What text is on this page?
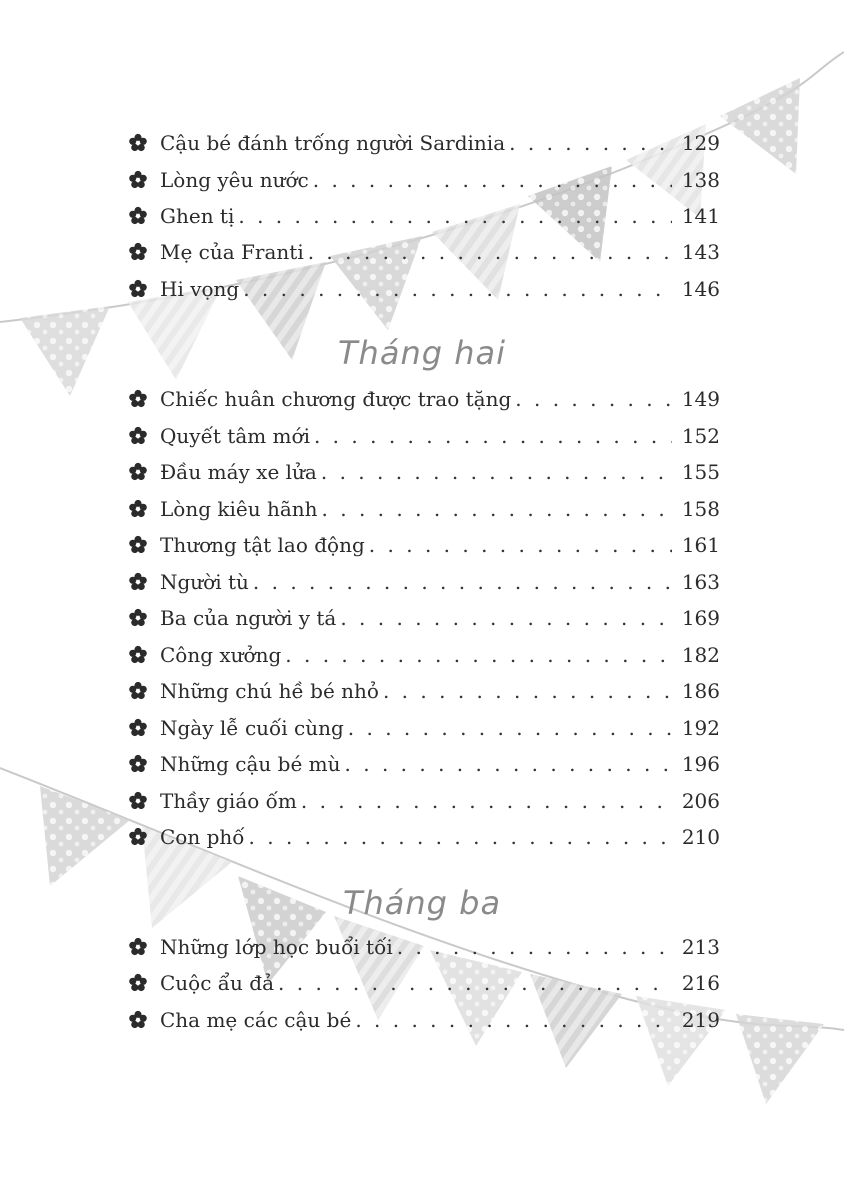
Cậu bé đánh trống người Sardinia . . .	129
Lòng yêu nước . . .	138
Ghen tị . . .	141
Mẹ của Franti . . .	143
Hi vọng . . .	146
Tháng hai
Chiếc huân chương được trao tặng . . .	149
Quyết tâm mới . . .	152
Đầu máy xe lửa . . .	155
Lòng kiêu hãnh . . .	158
Thương tật lao động . . .	161
Người tù . . .	163
Ba của người y tá . . .	169
Công xưởng . . .	182
Những chú hề bé nhỏ . . .	186
Ngày lễ cuối cùng . . .	192
Những cậu bé mù . . .	196
Thầy giáo ốm . . .	206
Con phố . . .	210
Tháng ba
Những lớp học buổi tối . . .	213
Cuộc ẩu đả . . .	216
Cha mẹ các cậu bé . . .	219
